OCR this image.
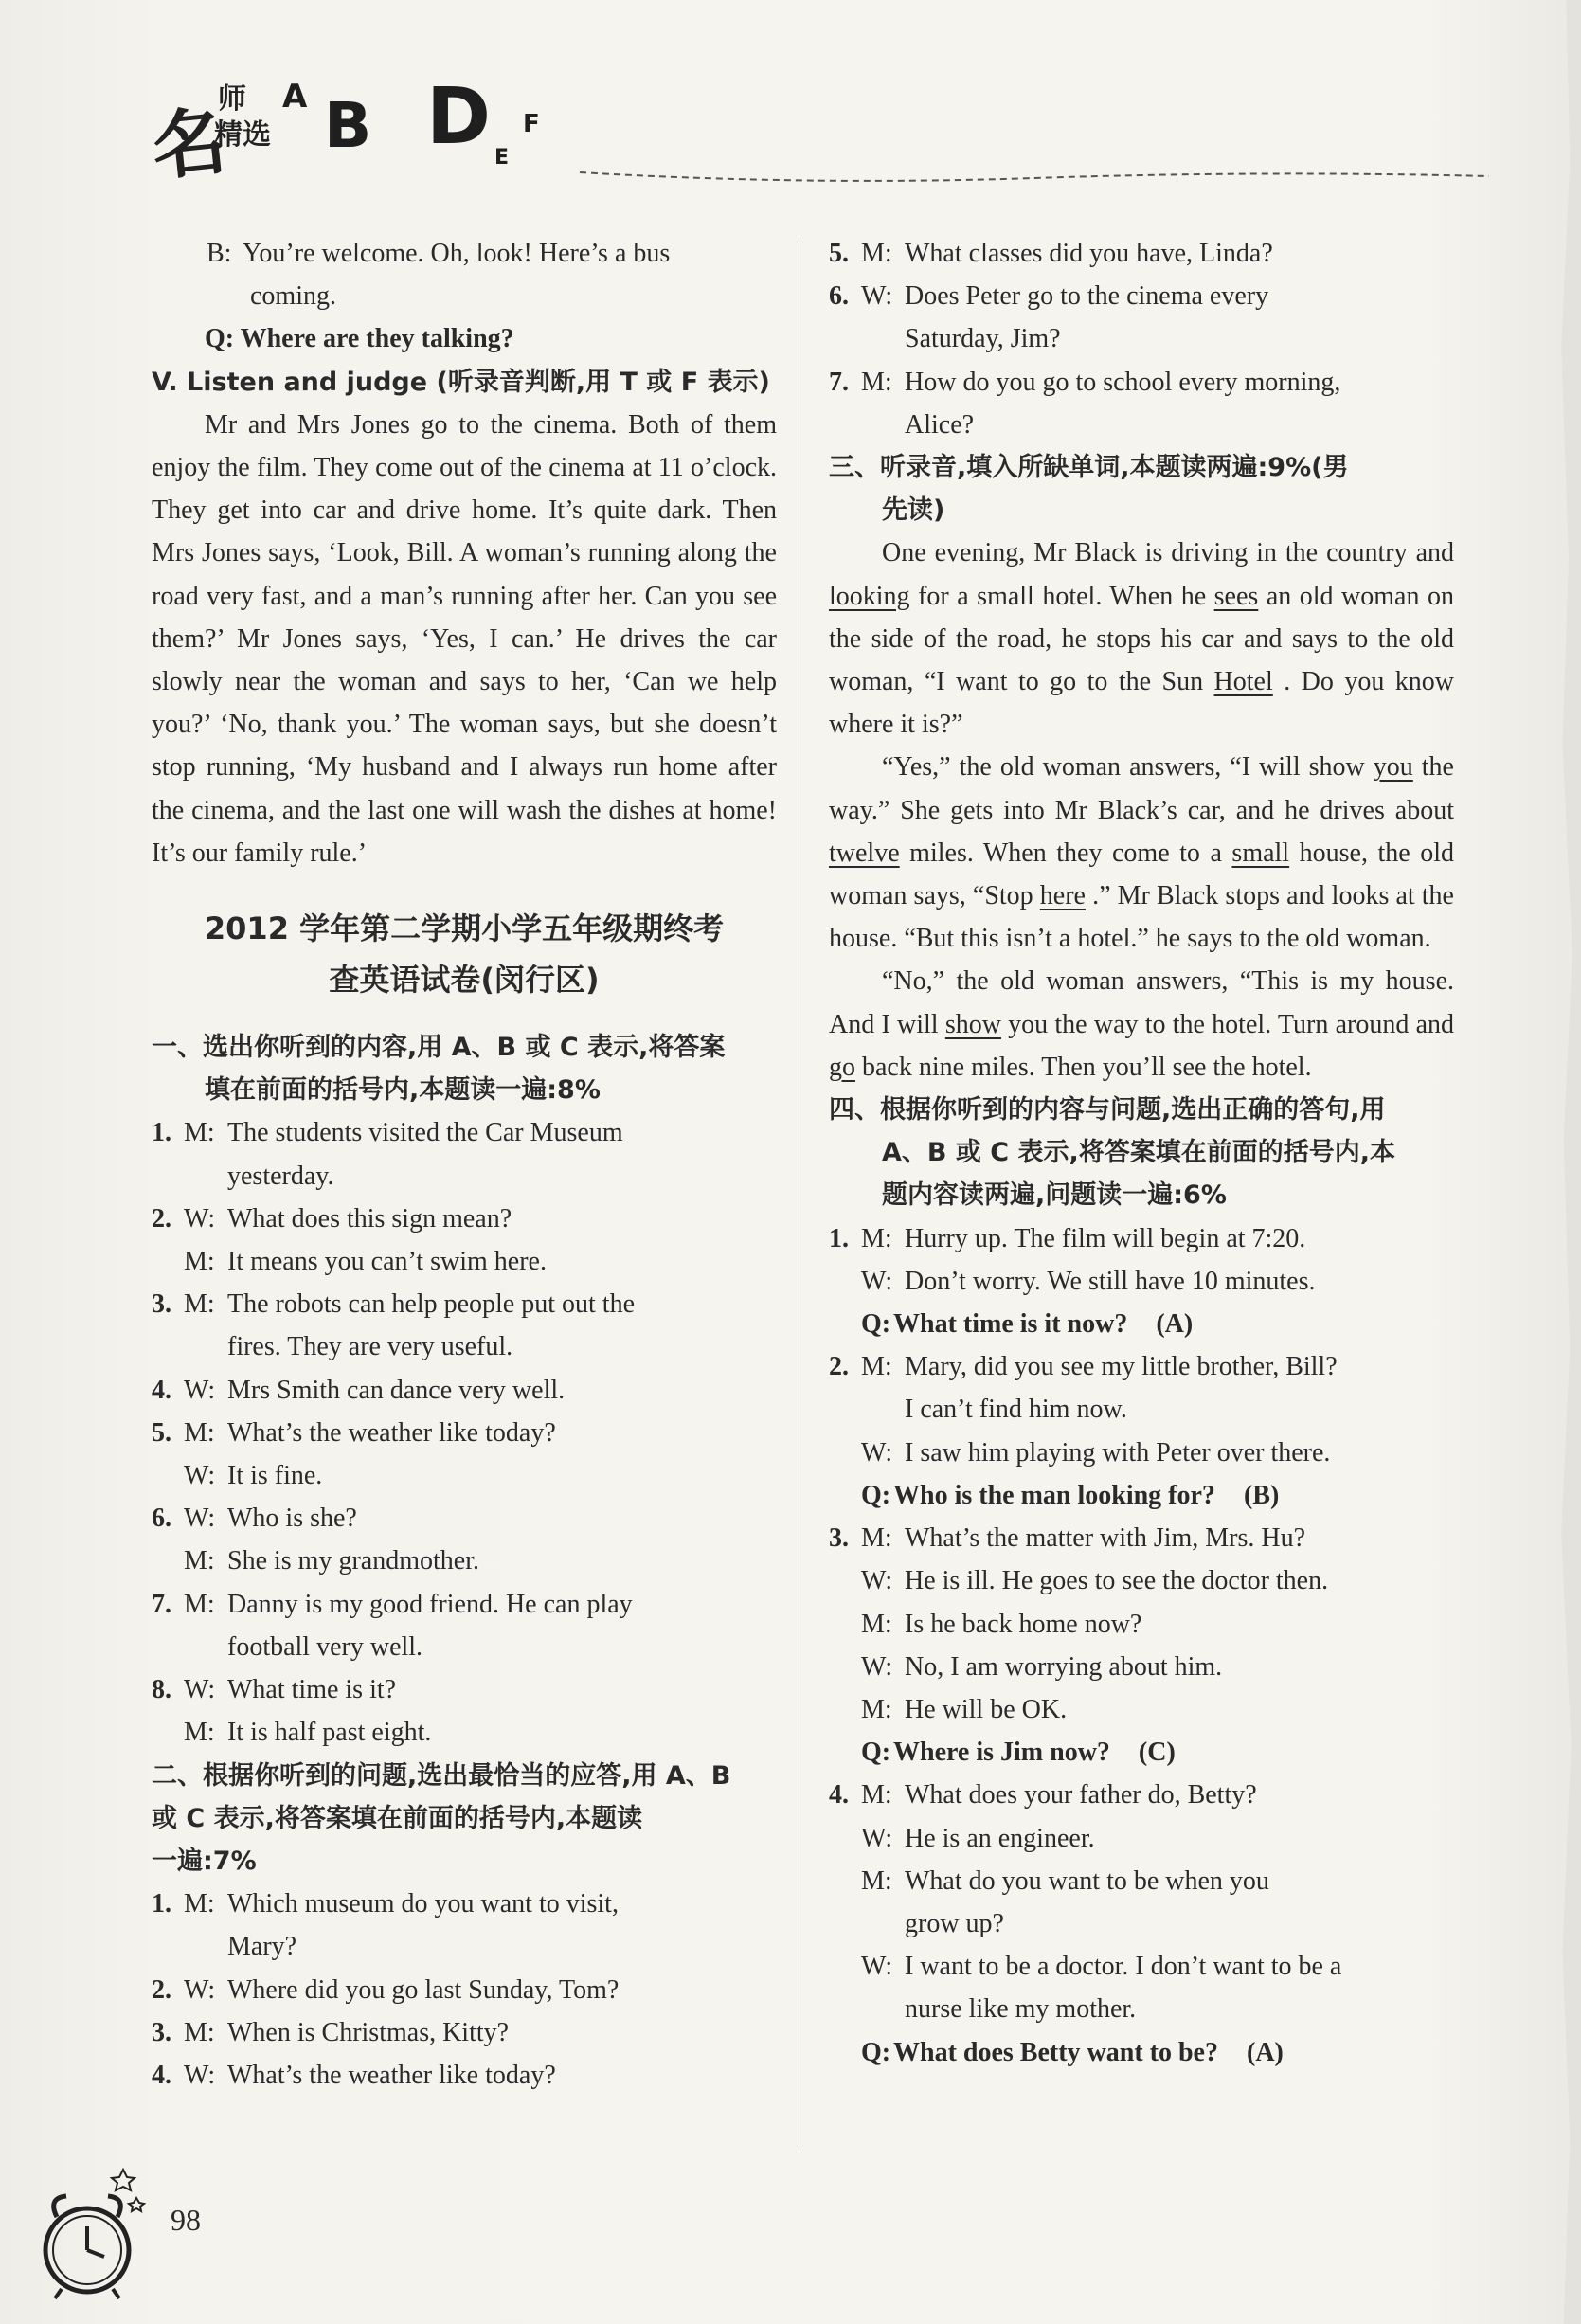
名
师
精选
A B D E
F
B: You’re welcome. Oh, look! Here’s a bus
coming.
Q: Where are they talking?
V. Listen and judge (听录音判断,用 T 或 F 表示)

Mr and Mrs Jones go to the cinema. Both of them enjoy the film. They come out of the cinema at 11 o’clock. They get into car and drive home. It’s quite dark. Then Mrs Jones says, ‘Look, Bill. A woman’s running along the road very fast, and a man’s running after her. Can you see them?’ Mr Jones says, ‘Yes, I can.’ He drives the car slowly near the woman and says to her, ‘Can we help you?’ ‘No, thank you.’ The woman says, but she doesn’t stop running, ‘My husband and I always run home after the cinema, and the last one will wash the dishes at home! It’s our family rule.’

2012 学年第二学期小学五年级期终考
查英语试卷(闵行区)
一、选出你听到的内容,用 A、B 或 C 表示,将答案
填在前面的括号内,本题读一遍:8%
1. M: The students visited the Car Museum
yesterday.
2. W: What does this sign mean?
M: It means you can’t swim here.
3. M: The robots can help people put out the
fires. They are very useful.
4. W: Mrs Smith can dance very well.
5. M: What’s the weather like today?
W: It is fine.
6. W: Who is she?
M: She is my grandmother.
7. M: Danny is my good friend. He can play
football very well.
8. W: What time is it?
M: It is half past eight.
二、根据你听到的问题,选出最恰当的应答,用 A、B
或 C 表示,将答案填在前面的括号内,本题读
一遍:7%
1. M: Which museum do you want to visit,
Mary?
2. W: Where did you go last Sunday, Tom?
3. M: When is Christmas, Kitty?
4. W: What’s the weather like today?
5. M: What classes did you have, Linda?
6. W: Does Peter go to the cinema every
Saturday, Jim?
7. M: How do you go to school every morning,
Alice?
三、听录音,填入所缺单词,本题读两遍:9%(男
先读)

One evening, Mr Black is driving in the country and looking for a small hotel. When he sees an old woman on the side of the road, he stops his car and says to the old woman, “I want to go to the Sun Hotel . Do you know where it is?”

“Yes,” the old woman answers, “I will show you the way.” She gets into Mr Black’s car, and he drives about twelve miles. When they come to a small house, the old woman says, “Stop here .” Mr Black stops and looks at the house. “But this isn’t a hotel.” he says to the old woman.

“No,” the old woman answers, “This is my house. And I will show you the way to the hotel. Turn around and go back nine miles. Then you’ll see the hotel.

四、根据你听到的内容与问题,选出正确的答句,用
A、B 或 C 表示,将答案填在前面的括号内,本
题内容读两遍,问题读一遍:6%
1. M: Hurry up. The film will begin at 7:20.
W: Don’t worry. We still have 10 minutes.
Q: What time is it now? (A)
2. M: Mary, did you see my little brother, Bill?
I can’t find him now.
W: I saw him playing with Peter over there.
Q: Who is the man looking for? (B)
3. M: What’s the matter with Jim, Mrs. Hu?
W: He is ill. He goes to see the doctor then.
M: Is he back home now?
W: No, I am worrying about him.
M: He will be OK.
Q: Where is Jim now? (C)
4. M: What does your father do, Betty?
W: He is an engineer.
M: What do you want to be when you
grow up?
W: I want to be a doctor. I don’t want to be a
nurse like my mother.
Q: What does Betty want to be? (A)
98
